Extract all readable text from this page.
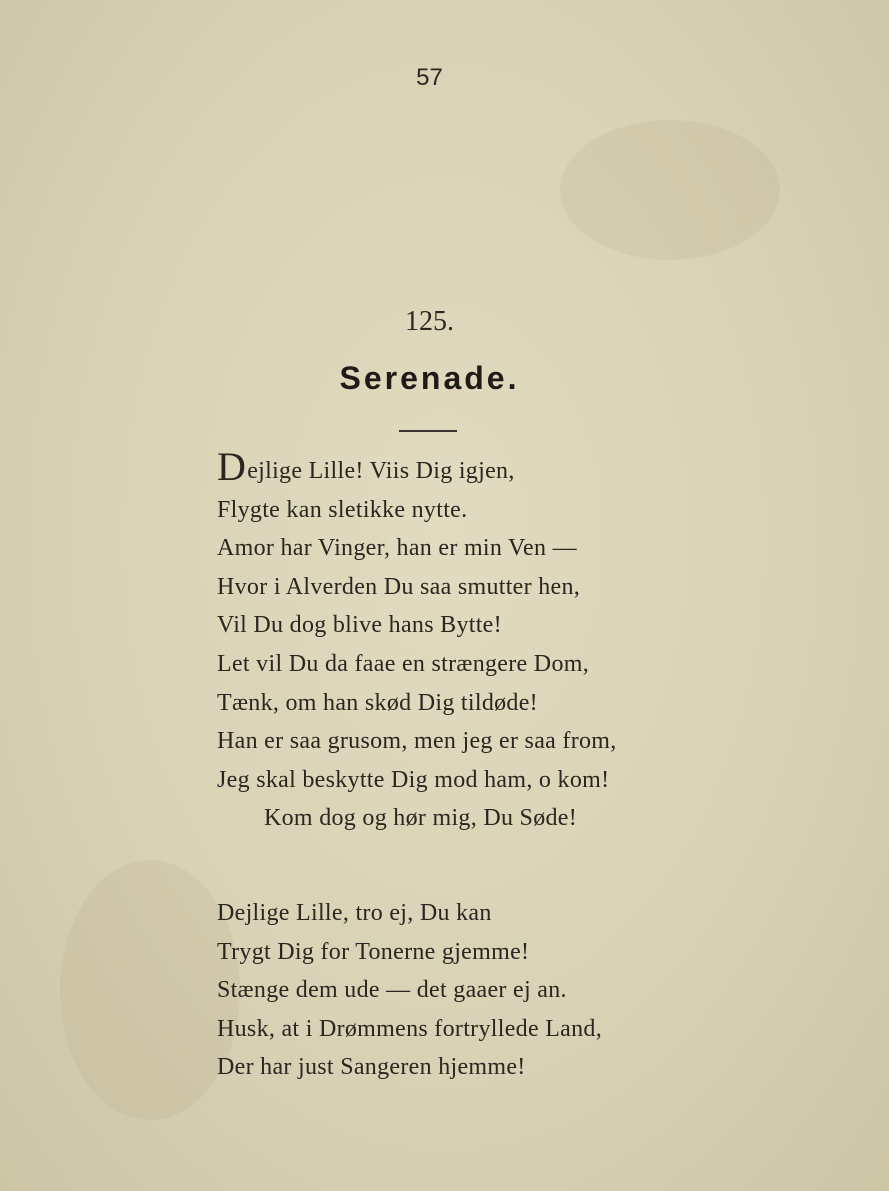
57
125.
Serenade.
Dejlige Lille! Viis Dig igjen,
Flygte kan sletikke nytte.
Amor har Vinger, han er min Ven —
Hvor i Alverden Du saa smutter hen,
Vil Du dog blive hans Bytte!
Let vil Du da faae en strængere Dom,
Tænk, om han skød Dig tildøde!
Han er saa grusom, men jeg er saa from,
Jeg skal beskytte Dig mod ham, o kom!
Kom dog og hør mig, Du Søde!
Dejlige Lille, tro ej, Du kan
Trygt Dig for Tonerne gjemme!
Stænge dem ude — det gaaer ej an.
Husk, at i Drømmens fortryllede Land,
Der har just Sangeren hjemme!
